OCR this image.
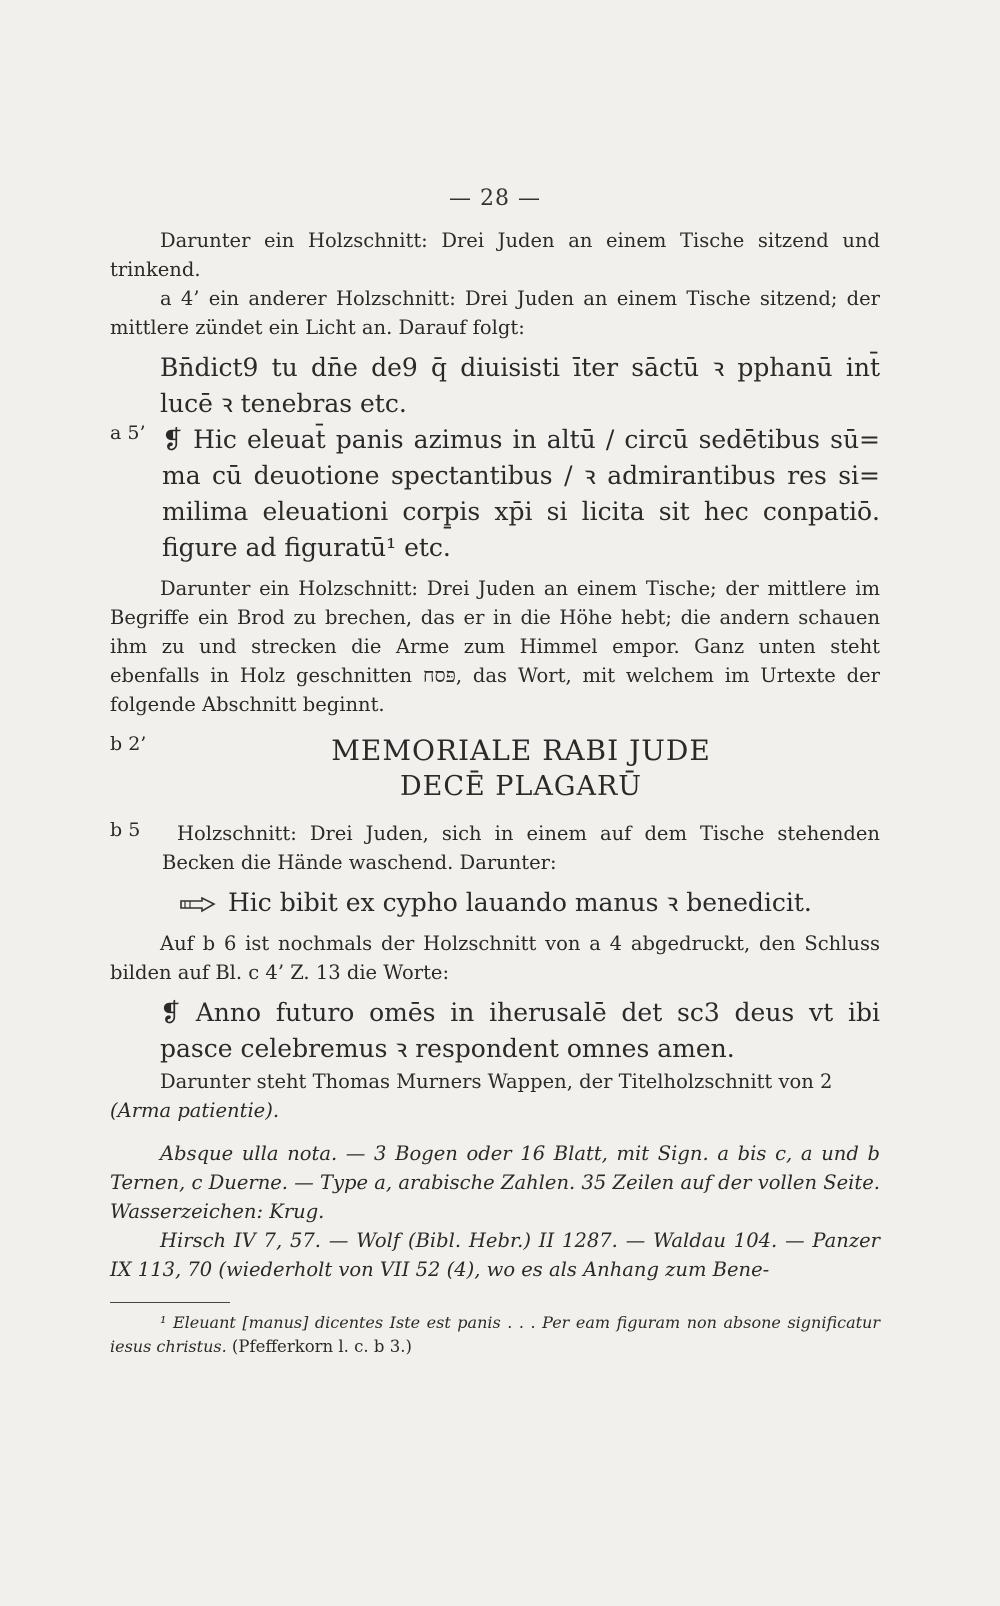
— 28 —

Darunter ein Holzschnitt: Drei Juden an einem Tische sitzend und trinkend.

a 4’ ein anderer Holzschnitt: Drei Juden an einem Tische sitzend; der mittlere zündet ein Licht an. Darauf folgt:

Bn̄dict9 tu dn̄e de9 q̄ diuisisti īter sāctū ꝛ pphanū int̄ lucē ꝛ tenebras etc.

a 5’ ❡ Hic eleuat̄ panis azimus in altū / circū sedētibus sū= ma cū deuotione spectantibus / ꝛ admirantibus res si= milima eleuationi corp̱is xp̄i si licita sit hec conpatiō. figure ad figuratū¹ etc.

Darunter ein Holzschnitt: Drei Juden an einem Tische; der mittlere im Begriffe ein Brod zu brechen, das er in die Höhe hebt; die andern schauen ihm zu und strecken die Arme zum Himmel empor. Ganz unten steht ebenfalls in Holz geschnitten פּסח, das Wort, mit welchem im Urtexte der folgende Abschnitt beginnt.

b 2’	MEMORIALE RABI JUDE

DECĒ PLAGARŪ

b 5	Holzschnitt: Drei Juden, sich in einem auf dem Tische stehenden Becken die Hände waschend. Darunter:

Hic bibit ex cypho lauando manus ꝛ benedicit.

Auf b 6 ist nochmals der Holzschnitt von a 4 abgedruckt, den Schluss bilden auf Bl. c 4’ Z. 13 die Worte:

❡ Anno futuro omēs in iherusalē det sc3 deus vt ibi pasce celebremus ꝛ respondent omnes amen.

Darunter steht Thomas Murners Wappen, der Titelholzschnitt von 2
(Arma patientie).

Absque ulla nota. — 3 Bogen oder 16 Blatt, mit Sign. a bis c, a und b Ternen, c Duerne. — Type a, arabische Zahlen. 35 Zeilen auf der vollen Seite. Wasserzeichen: Krug.

Hirsch IV 7, 57. — Wolf (Bibl. Hebr.) II 1287. — Waldau 104. — Panzer IX 113, 70 (wiederholt von VII 52 (4), wo es als Anhang zum Bene-

¹ Eleuant [manus] dicentes Iste est panis . . . Per eam figuram non absone significatur iesus christus. (Pfefferkorn l. c. b 3.)
